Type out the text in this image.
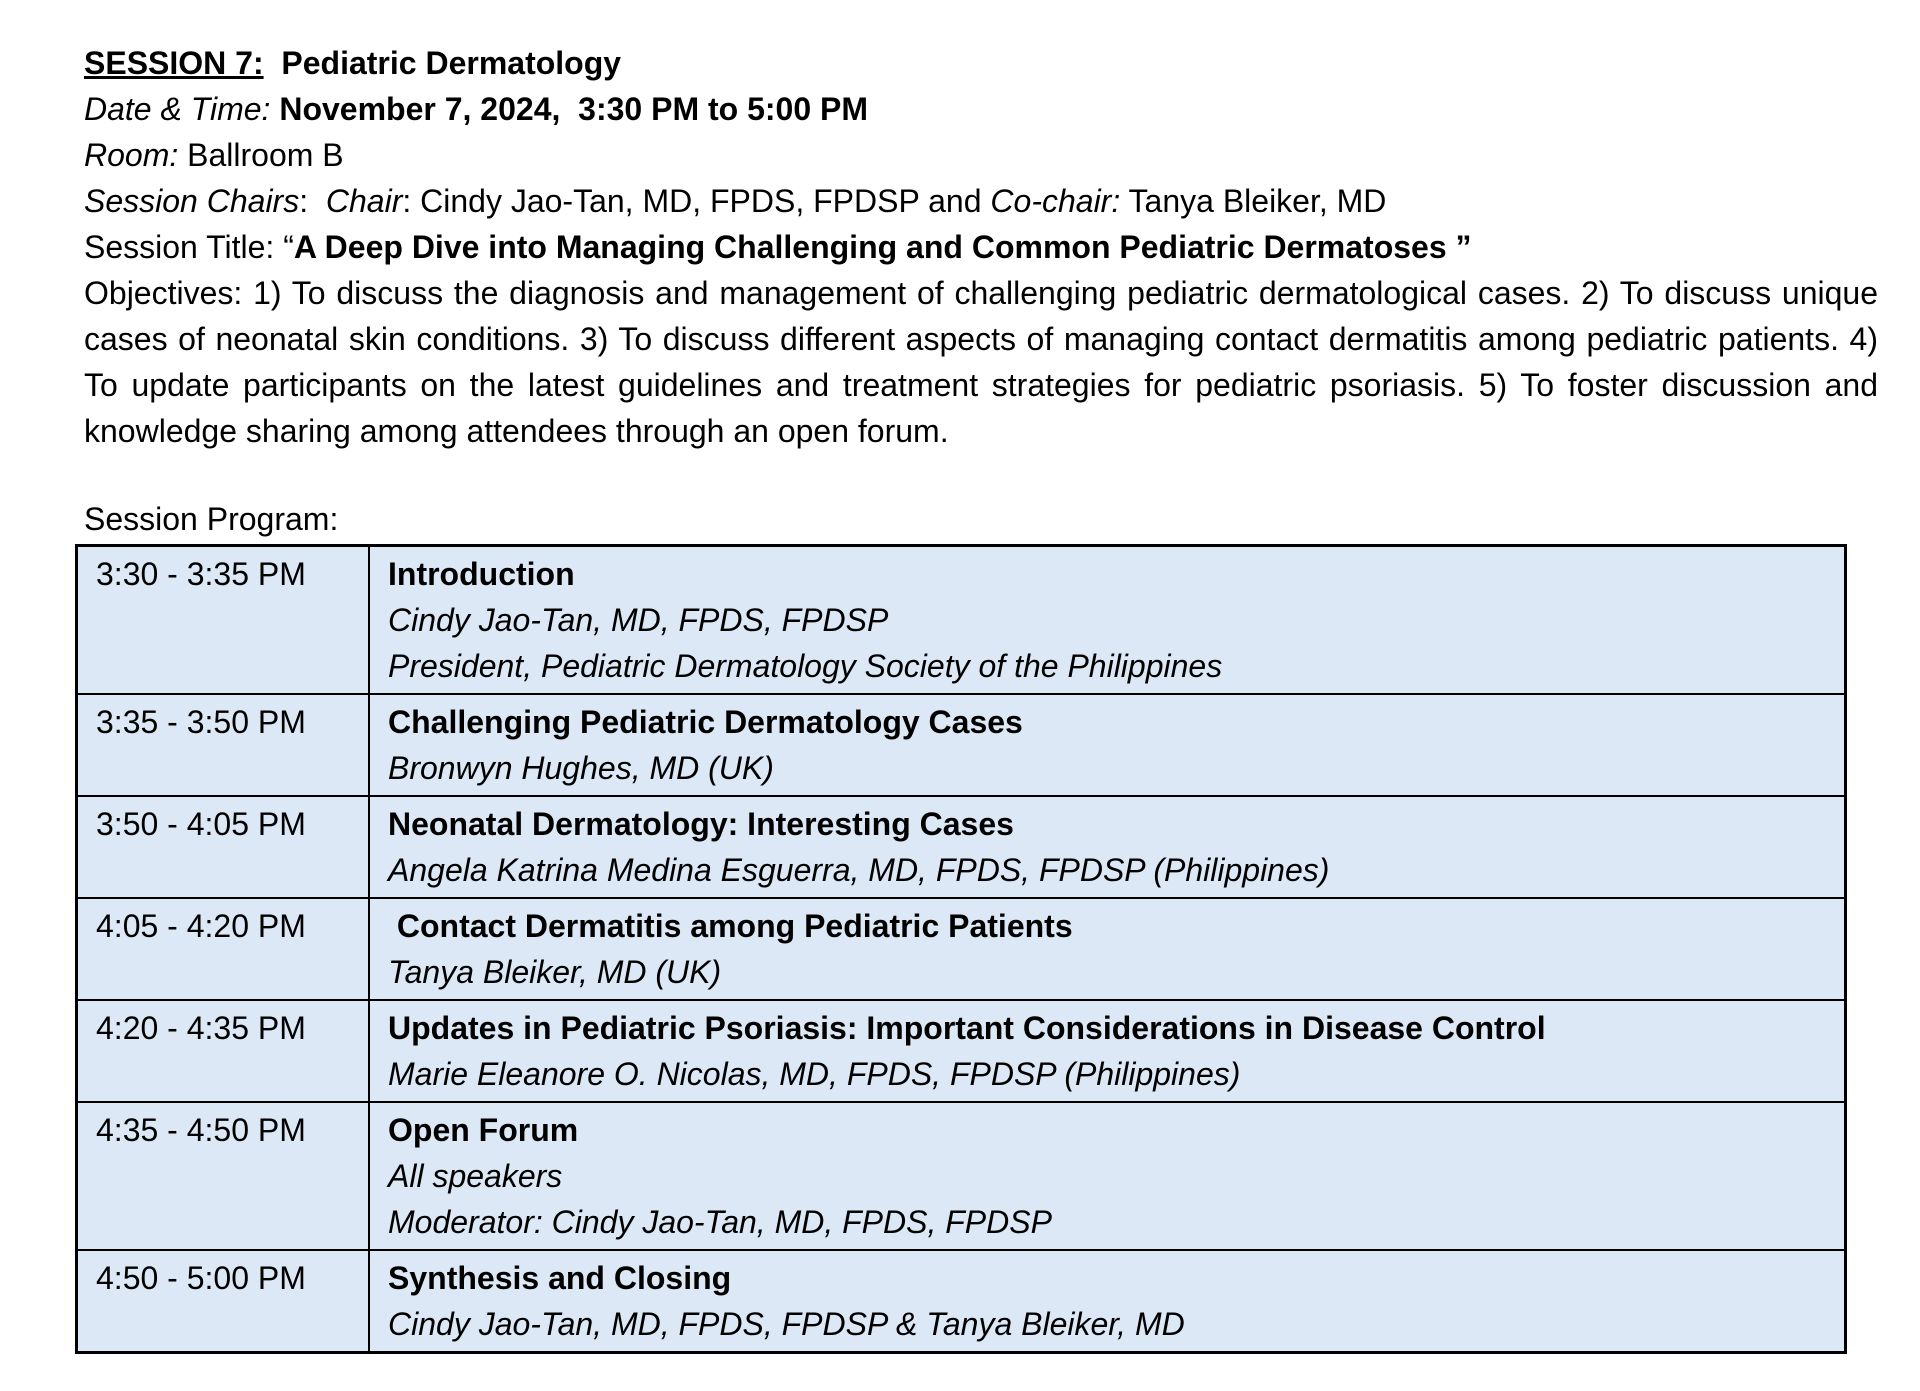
SESSION 7: Pediatric Dermatology
Date & Time: November 7, 2024,  3:30 PM to 5:00 PM
Room: Ballroom B
Session Chairs:  Chair: Cindy Jao-Tan, MD, FPDS, FPDSP and Co-chair: Tanya Bleiker, MD
Session Title: “A Deep Dive into Managing Challenging and Common Pediatric Dermatoses ”
Objectives: 1) To discuss the diagnosis and management of challenging pediatric dermatological cases. 2) To discuss unique cases of neonatal skin conditions. 3) To discuss different aspects of managing contact dermatitis among pediatric patients. 4) To update participants on the latest guidelines and treatment strategies for pediatric psoriasis. 5) To foster discussion and knowledge sharing among attendees through an open forum.
Session Program:
3:30 - 3:35 PM	Introduction
Cindy Jao-Tan, MD, FPDS, FPDSP
President, Pediatric Dermatology Society of the Philippines

3:35 - 3:50 PM	Challenging Pediatric Dermatology Cases
Bronwyn Hughes, MD (UK)

3:50 - 4:05 PM	Neonatal Dermatology: Interesting Cases
Angela Katrina Medina Esguerra, MD, FPDS, FPDSP (Philippines)

4:05 - 4:20 PM	Contact Dermatitis among Pediatric Patients
Tanya Bleiker, MD (UK)

4:20 - 4:35 PM	Updates in Pediatric Psoriasis: Important Considerations in Disease Control
Marie Eleanore O. Nicolas, MD, FPDS, FPDSP (Philippines)

4:35 - 4:50 PM	Open Forum
All speakers
Moderator: Cindy Jao-Tan, MD, FPDS, FPDSP

4:50 - 5:00 PM	Synthesis and Closing
Cindy Jao-Tan, MD, FPDS, FPDSP & Tanya Bleiker, MD
